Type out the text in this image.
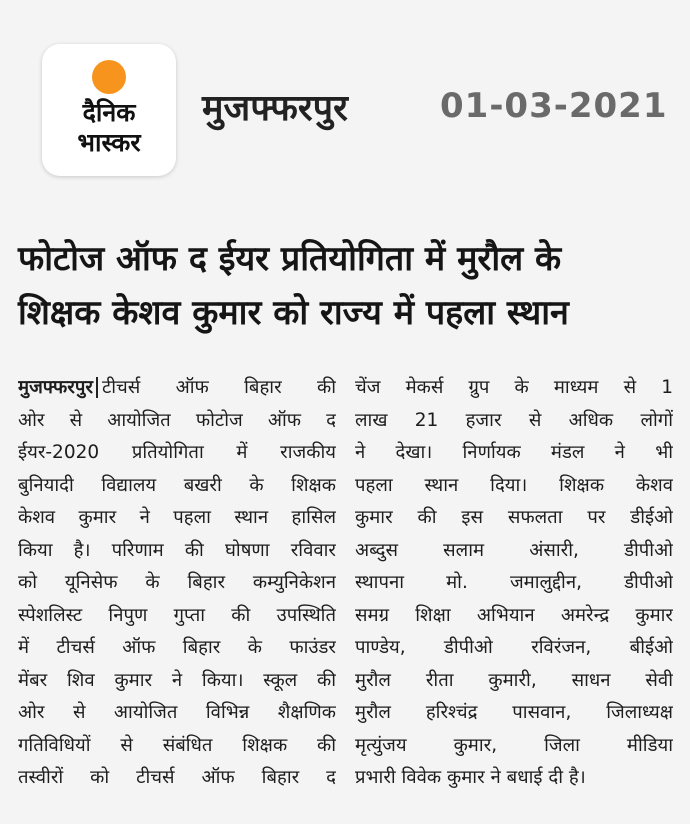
दैनिक
भास्कर
मुजफ्फरपुर	01-03-2021
फोटोज ऑफ द ईयर प्रतियोगिता में मुरौल के
शिक्षक केशव कुमार को राज्य में पहला स्थान
मुजफ्फरपुर टीचर्स ऑफ बिहार की
ओर से आयोजित फोटोज ऑफ द
ईयर-2020 प्रतियोगिता में राजकीय
बुनियादी विद्यालय बखरी के शिक्षक
केशव कुमार ने पहला स्थान हासिल
किया है। परिणाम की घोषणा रविवार
को यूनिसेफ के बिहार कम्युनिकेशन
स्पेशलिस्ट निपुण गुप्ता की उपस्थिति
में टीचर्स ऑफ बिहार के फाउंडर
मेंबर शिव कुमार ने किया। स्कूल की
ओर से आयोजित विभिन्न शैक्षणिक
गतिविधियों से संबंधित शिक्षक की
तस्वीरों को टीचर्स ऑफ बिहार द
चेंज मेकर्स ग्रुप के माध्यम से 1
लाख 21 हजार से अधिक लोगों
ने देखा। निर्णायक मंडल ने भी
पहला स्थान दिया। शिक्षक केशव
कुमार की इस सफलता पर डीईओ
अब्दुस सलाम अंसारी, डीपीओ
स्थापना मो. जमालुद्दीन, डीपीओ
समग्र शिक्षा अभियान अमरेन्द्र कुमार
पाण्डेय, डीपीओ रविरंजन, बीईओ
मुरौल रीता कुमारी, साधन सेवी
मुरौल हरिश्चंद्र पासवान, जिलाध्यक्ष
मृत्युंजय कुमार, जिला मीडिया
प्रभारी विवेक कुमार ने बधाई दी है।
